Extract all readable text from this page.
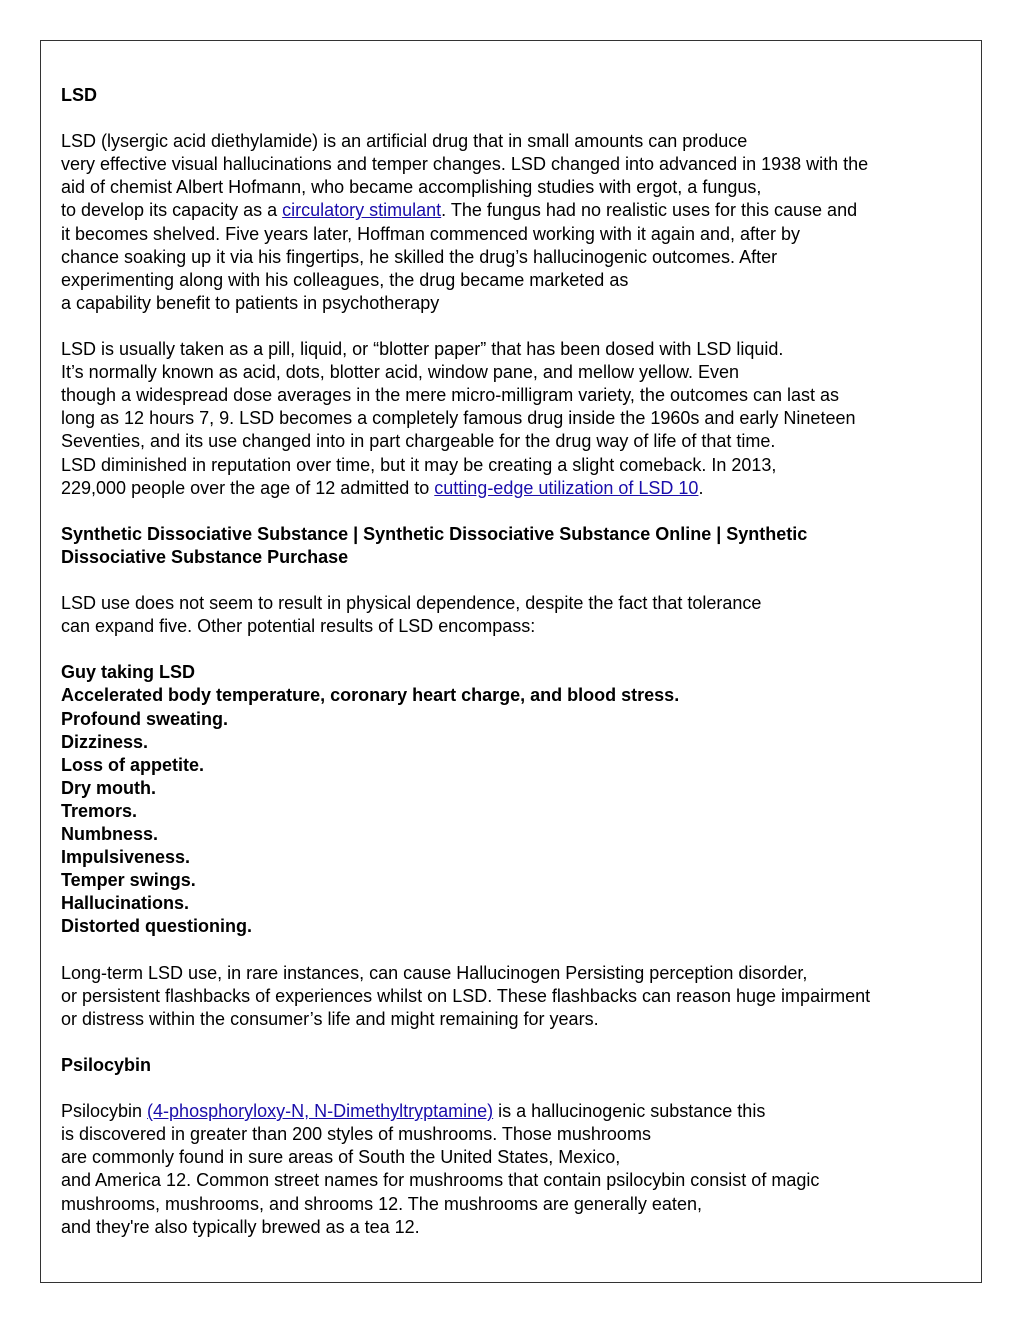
LSD

LSD (lysergic acid diethylamide) is an artificial drug that in small amounts can produce
very effective visual hallucinations and temper changes. LSD changed into advanced in 1938 with the
aid of chemist Albert Hofmann, who became accomplishing studies with ergot, a fungus,
to develop its capacity as a circulatory stimulant. The fungus had no realistic uses for this cause and
it becomes shelved. Five years later, Hoffman commenced working with it again and, after by
chance soaking up it via his fingertips, he skilled the drug’s hallucinogenic outcomes. After
experimenting along with his colleagues, the drug became marketed as
a capability benefit to patients in psychotherapy

LSD is usually taken as a pill, liquid, or “blotter paper” that has been dosed with LSD liquid.
It’s normally known as acid, dots, blotter acid, window pane, and mellow yellow. Even
though a widespread dose averages in the mere micro-milligram variety, the outcomes can last as
long as 12 hours 7, 9. LSD becomes a completely famous drug inside the 1960s and early Nineteen
Seventies, and its use changed into in part chargeable for the drug way of life of that time.
LSD diminished in reputation over time, but it may be creating a slight comeback. In 2013,
229,000 people over the age of 12 admitted to cutting-edge utilization of LSD 10.

Synthetic Dissociative Substance | Synthetic Dissociative Substance Online | Synthetic
Dissociative Substance Purchase

LSD use does not seem to result in physical dependence, despite the fact that tolerance
can expand five. Other potential results of LSD encompass:

Guy taking LSD
Accelerated body temperature, coronary heart charge, and blood stress.
Profound sweating.
Dizziness.
Loss of appetite.
Dry mouth.
Tremors.
Numbness.
Impulsiveness.
Temper swings.
Hallucinations.
Distorted questioning.

Long-term LSD use, in rare instances, can cause Hallucinogen Persisting perception disorder,
or persistent flashbacks of experiences whilst on LSD. These flashbacks can reason huge impairment
or distress within the consumer’s life and might remaining for years.

Psilocybin

Psilocybin (4-phosphoryloxy-N, N-Dimethyltryptamine) is a hallucinogenic substance this
is discovered in greater than 200 styles of mushrooms. Those mushrooms
are commonly found in sure areas of South the United States, Mexico,
and America 12. Common street names for mushrooms that contain psilocybin consist of magic
mushrooms, mushrooms, and shrooms 12. The mushrooms are generally eaten,
and they're also typically brewed as a tea 12.
